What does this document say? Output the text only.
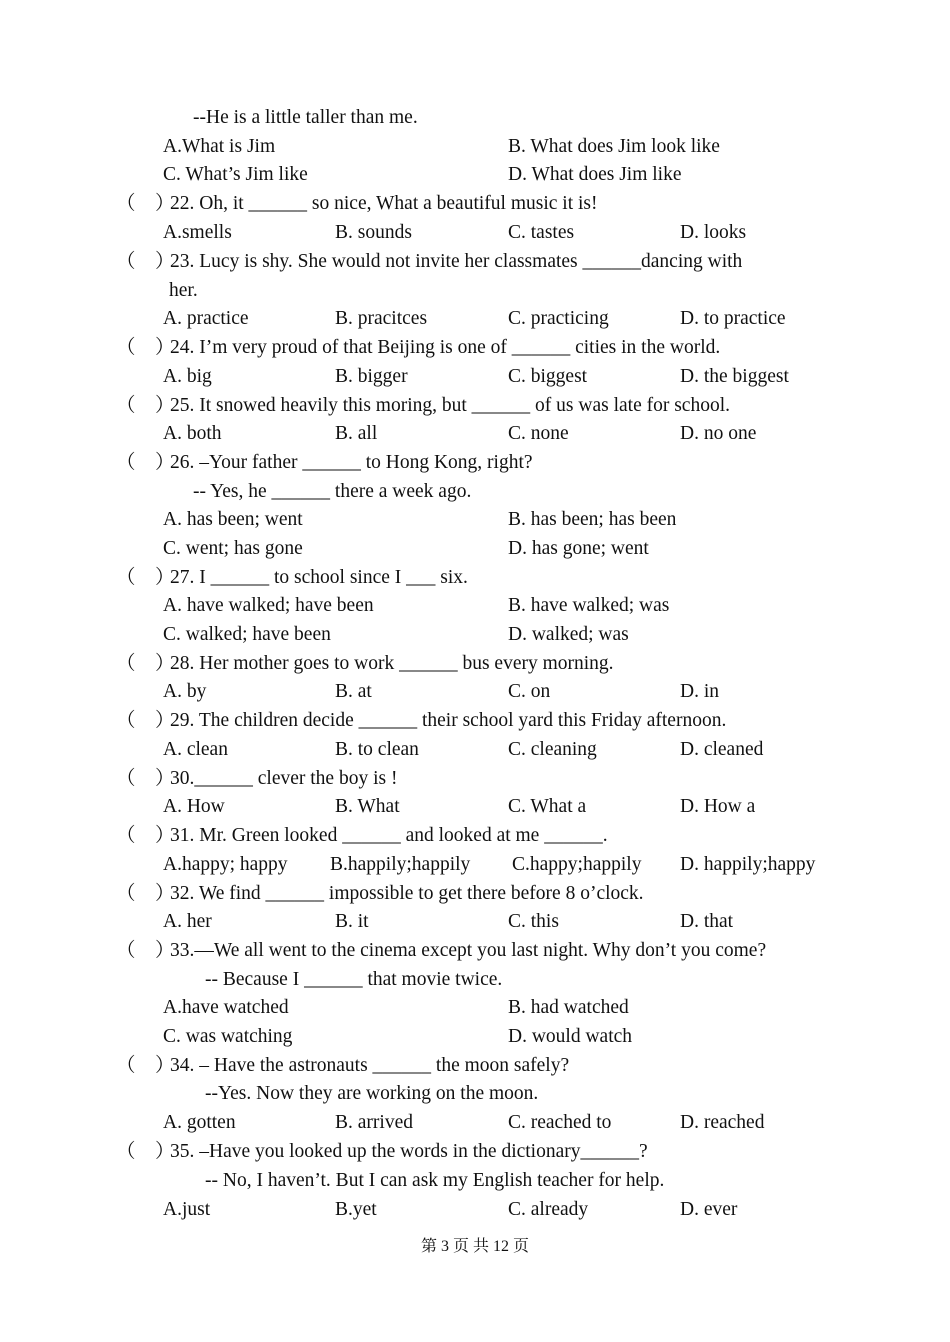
--He is a little taller than me.
A.What is Jim	B. What does Jim look like
C. What’s Jim like	D. What does Jim like
（　）
22. Oh, it ______ so nice, What a beautiful music it is!
A.smells	B. sounds	C. tastes	D. looks
（　）
23. Lucy is shy. She would not invite her classmates ______dancing with
her.
A. practice	B. pracitces	C. practicing	D. to practice
（　）
24. I’m very proud of that Beijing is one of ______ cities in the world.
A. big	B. bigger	C. biggest	D. the biggest
（　）
25. It snowed heavily this moring, but ______ of us was late for school.
A. both	B. all	C. none	D. no one
（　）
26. –Your father ______ to Hong Kong, right?
-- Yes, he ______ there a week ago.
A. has been; went	B. has been; has been
C. went; has gone	D. has gone; went
（　）
27. I ______ to school since I ___ six.
A. have walked; have been	B. have walked; was
C. walked; have been	D. walked; was
（　）
28. Her mother goes to work ______ bus every morning.
A. by	B. at	C. on	D. in
（　）
29. The children decide ______ their school yard this Friday afternoon.
A. clean	B. to clean	C. cleaning	D. cleaned
（　）
30.______ clever the boy is !
A. How	B. What	C. What a	D. How a
（　）
31. Mr. Green looked ______ and looked at me ______.
A.happy; happy B.happily;happily C.happy;happily D. happily;happy
（　）
32. We find ______ impossible to get there before 8 o’clock.
A. her	B. it	C. this	D. that
（　）
33.—We all went to the cinema except you last night. Why don’t you come?
-- Because I ______ that movie twice.
A.have watched	B. had watched
C. was watching	D. would watch
（　）
34. – Have the astronauts ______ the moon safely?
--Yes. Now they are working on the moon.
A. gotten	B. arrived	C. reached to	D. reached
（　）
35. –Have you looked up the words in the dictionary______?
-- No, I haven’t. But I can ask my English teacher for help.
A.just	B.yet	C. already	D. ever
第 3 页 共 12 页
